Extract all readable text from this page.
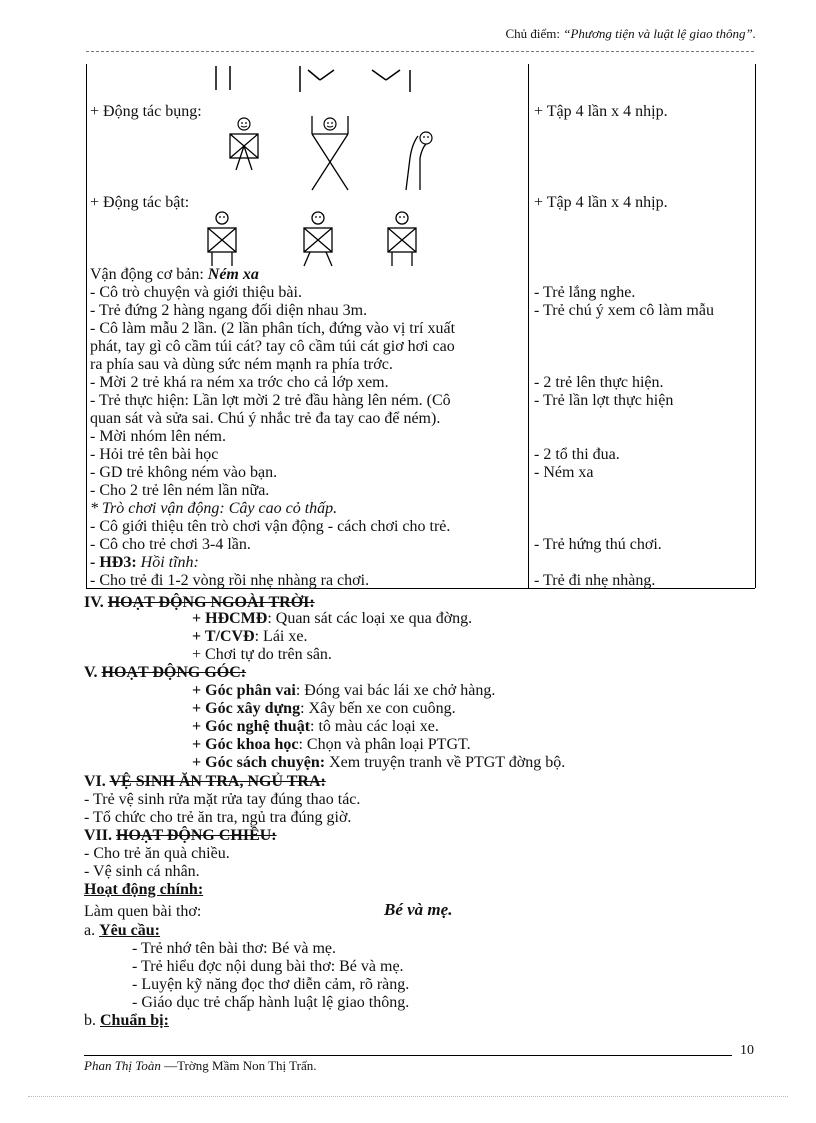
Chủ điểm: “Phương tiện và luật lệ giao thông”.
+ Động tác bụng:	+ Tập 4 lần x 4 nhịp.
+ Động tác bật:	+ Tập 4 lần x 4 nhịp.
Vận động cơ bản: Ném xa
- Cô trò chuyện và giới thiệu bài.	- Trẻ lắng nghe.
- Trẻ đứng 2 hàng ngang đối diện nhau 3m.	- Trẻ chú ý xem cô làm mẫu
- Cô làm mẫu 2 lần. (2 lần phân tích, đứng vào vị trí xuất
phát, tay gì cô cầm túi cát? tay cô cầm túi cát giơ hơi cao
ra phía sau và dùng sức ném mạnh ra phía trớc.
- Mời 2 trẻ khá ra ném xa trớc cho cả lớp xem.	- 2 trẻ lên thực hiện.
- Trẻ thực hiện: Lần lợt mời 2 trẻ đầu hàng lên ném. (Cô	- Trẻ lần lợt thực hiện
quan sát và sửa sai. Chú ý nhắc trẻ đa tay cao để ném).
- Mời nhóm lên ném.
- Hỏi trẻ tên bài học	- 2 tổ thi đua.
- GD trẻ không ném vào bạn.	- Ném xa
- Cho 2 trẻ lên ném lần nữa.
* Trò chơi vận động: Cây cao cỏ thấp.
- Cô giới thiệu tên trò chơi vận động - cách chơi cho trẻ.
- Cô cho trẻ chơi 3-4 lần.	- Trẻ hứng thú chơi.
- HĐ3: Hồi tĩnh:
- Cho trẻ đi 1-2 vòng rồi nhẹ nhàng ra chơi.	- Trẻ đi nhẹ nhàng.
IV. HOẠT ĐỘNG NGOÀI TRỜI:
+ HĐCMĐ: Quan sát các loại xe qua đờng.
+ T/CVĐ: Lái xe.
+ Chơi tự do trên sân.
V. HOẠT ĐỘNG GÓC:
+ Góc phân vai: Đóng vai bác lái xe chở hàng.
+ Góc xây dựng: Xây bến xe con cuông.
+ Góc nghệ thuật: tô màu các loại xe.
+ Góc khoa học: Chọn và phân loại PTGT.
+ Góc sách chuyện: Xem truyện tranh về PTGT đờng bộ.
VI. VỆ SINH ĂN TRA, NGỦ TRA:
- Trẻ vệ sinh rửa mặt rửa tay đúng thao tác.
- Tổ chức cho trẻ ăn tra, ngủ tra đúng giờ.
VII. HOẠT ĐỘNG CHIỀU:
- Cho trẻ ăn quà chiều.
- Vệ sinh cá nhân.
Hoạt động chính:
Làm quen bài thơ:	Bé và mẹ.
a. Yêu cầu:
- Trẻ nhớ tên bài thơ: Bé và mẹ.
- Trẻ hiểu đợc nội dung bài thơ: Bé và mẹ.
- Luyện kỹ năng đọc thơ diễn cảm, rõ ràng.
- Giáo dục trẻ chấp hành luật lệ giao thông.
b. Chuẩn bị:
10
Phan Thị Toàn —Trờng Mầm Non Thị Trấn.
